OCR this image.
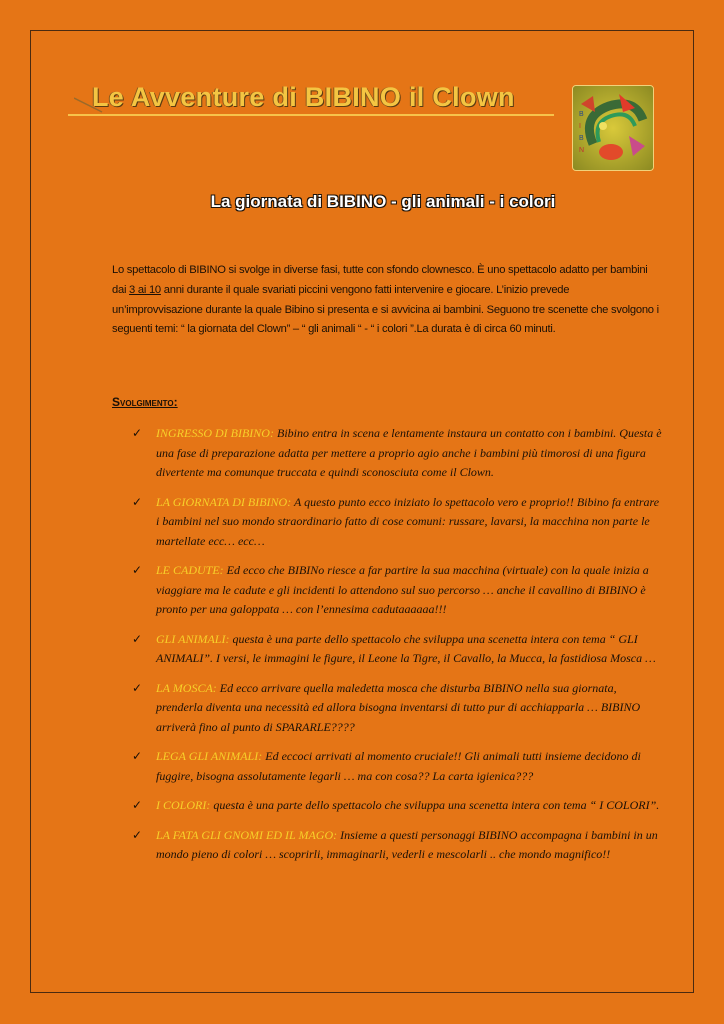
Le Avventure di BIBINO il Clown
B
I
B
N
La giornata di BIBINO - gli animali - i colori
Lo spettacolo di BIBINO si svolge in diverse fasi, tutte con sfondo clownesco. È uno spettacolo adatto per bambini dai 3 ai 10 anni durante il quale svariati piccini vengono fatti intervenire e giocare. L’inizio prevede un’improvvisazione durante la quale Bibino si presenta e si avvicina ai bambini. Seguono tre scenette che svolgono i seguenti temi: “ la giornata del Clown” – “ gli animali “ - “ i colori ”.La durata è di circa 60 minuti.
Svolgimento:
✓ INGRESSO DI BIBINO: Bibino entra in scena e lentamente instaura un contatto con i bambini. Questa è una fase di preparazione adatta per mettere a proprio agio anche i bambini più timorosi di una figura divertente ma comunque truccata e quindi sconosciuta come il Clown.
✓ LA GIORNATA DI BIBINO: A questo punto ecco iniziato lo spettacolo vero e proprio!! Bibino fa entrare i bambini nel suo mondo straordinario fatto di cose comuni: russare, lavarsi, la macchina non parte le martellate ecc… ecc…
✓ LE CADUTE: Ed ecco che BIBINo riesce a far partire la sua macchina (virtuale) con la quale inizia a viaggiare ma le cadute e gli incidenti lo attendono sul suo percorso … anche il cavallino di BIBINO è pronto per una galoppata … con l’ennesima cadutaaaaaa!!!
✓ GLI ANIMALI: questa è una parte dello spettacolo che sviluppa una scenetta intera con tema “ GLI ANIMALI”. I versi, le immagini le figure, il Leone la Tigre, il Cavallo, la Mucca, la fastidiosa Mosca …
✓ LA MOSCA: Ed ecco arrivare quella maledetta mosca che disturba BIBINO nella sua giornata, prenderla diventa una necessità ed allora bisogna inventarsi di tutto pur di acchiapparla … BIBINO arriverà fino al punto di SPARARLE????
✓ LEGA GLI ANIMALI: Ed eccoci arrivati al momento cruciale!! Gli animali tutti insieme decidono di fuggire, bisogna assolutamente legarli … ma con cosa?? La carta igienica???
✓ I COLORI: questa è una parte dello spettacolo che sviluppa una scenetta intera con tema “ I COLORI”.
✓ LA FATA GLI GNOMI ED IL MAGO: Insieme a questi personaggi BIBINO accompagna i bambini in un mondo pieno di colori … scoprirli, immaginarli, vederli e mescolarli .. che mondo magnifico!!
